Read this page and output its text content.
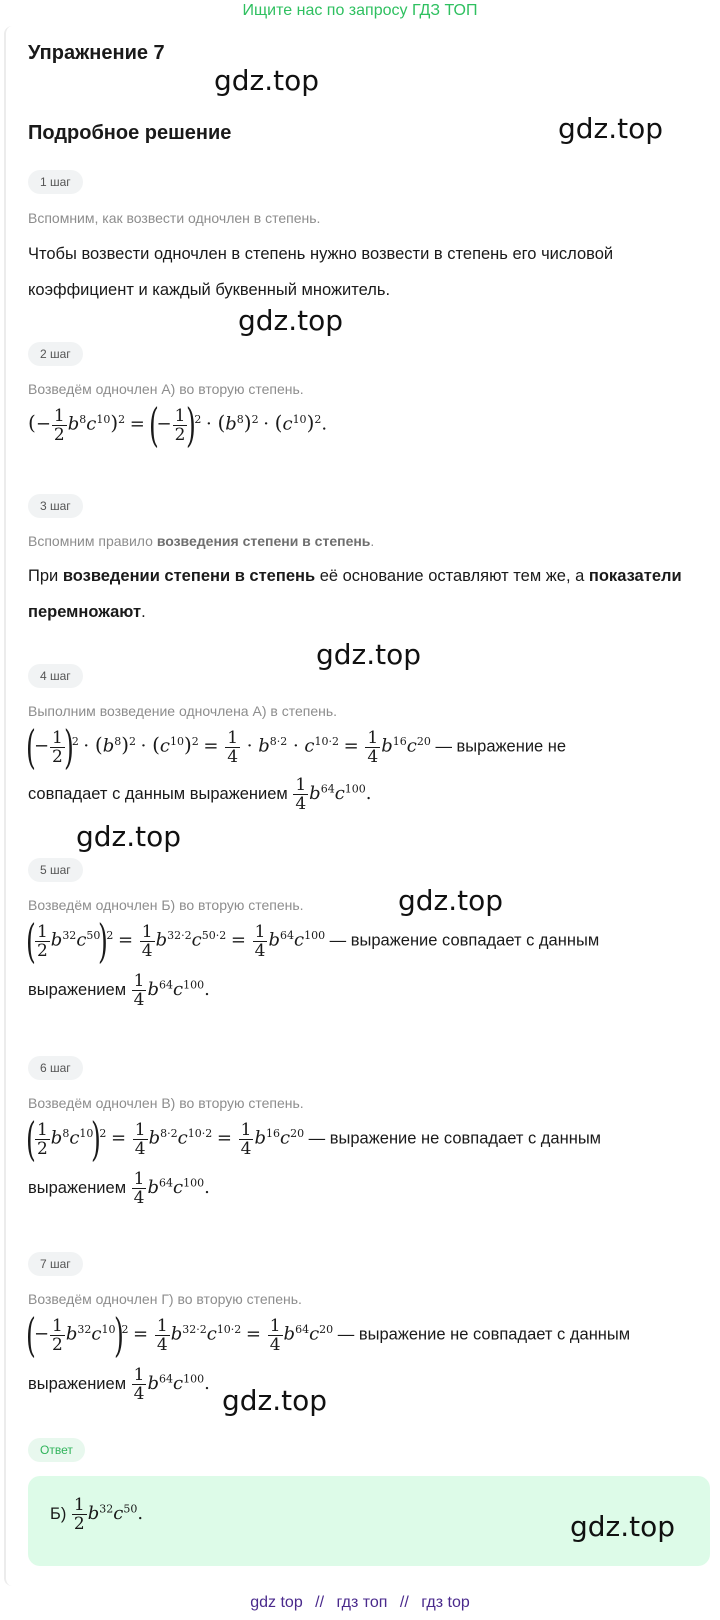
Ищите нас по запросу ГДЗ ТОП
Упражнение 7
gdz.top
Подробное решение	gdz.top
1 шаг
Вспомним, как возвести одночлен в степень.
Чтобы возвести одночлен в степень нужно возвести в степень его числовой коэффициент и каждый буквенный множитель.
gdz.top
2 шаг
Возведём одночлен А) во вторую степень.
(− $\frac{1}{2} b^8c^{10})^2$ = (− $\frac{1}{2} )^2 \cdot (b^8)^2 \cdot (c^{10})^2$.
3 шаг
Вспомним правило возведения степени в степень.
При возведении степени в степень её основание оставляют тем же, а показатели перемножают.
gdz.top
4 шаг
Выполним возведение одночлена А) в степень.
(− $\frac{1}{2} )^2 \cdot (b^8)^2 \cdot (c^{10})^2 = \frac{1}{4} \cdot b^{8\cdot 2} \cdot c^{10\cdot 2} = \frac{1}{4} b^{16}c^{20}$ — выражение не
совпадает с данным выражением $\frac{1}{4} b^{64}c^{100}$.
gdz.top
5 шаг
gdz.top
Возведём одночлен Б) во вторую степень.
( $\frac{1}{2} b^{32}c^{50})^2 = \frac{1}{4} b^{32\cdot 2}c^{50\cdot 2} = \frac{1}{4} b^{64}c^{100}$ — выражение совпадает с данным
выражением $\frac{1}{4} b^{64}c^{100}$.
6 шаг
Возведём одночлен В) во вторую степень.
( $\frac{1}{2} b^8c^{10})^2 = \frac{1}{4} b^{8\cdot 2}c^{10\cdot 2} = \frac{1}{4} b^{16}c^{20}$ — выражение не совпадает с данным
выражением $\frac{1}{4} b^{64}c^{100}$.
7 шаг
Возведём одночлен Г) во вторую степень.
(− $\frac{1}{2} b^{32}c^{10})^2 = \frac{1}{4} b^{32\cdot 2}c^{10\cdot 2} = \frac{1}{4} b^{64}c^{20}$ — выражение не совпадает с данным
выражением $\frac{1}{4} b^{64}c^{100}$.
gdz.top
Ответ
$Б) \frac{1}{2} b^{32}c^{50}$.	gdz.top
gdz top // гдз топ // гдз top
